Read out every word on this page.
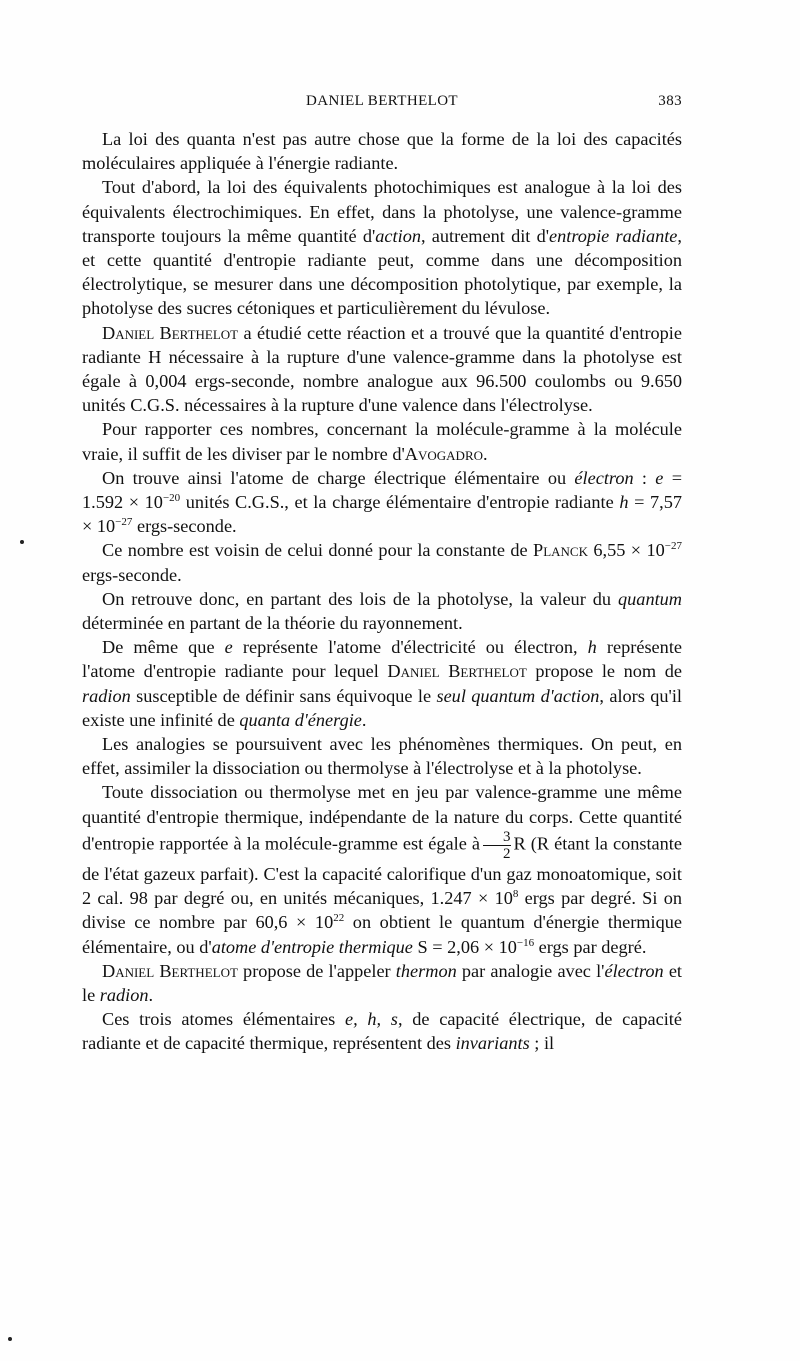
DANIEL BERTHELOT	383

La loi des quanta n'est pas autre chose que la forme de la loi des capacités moléculaires appliquée à l'énergie radiante.

Tout d'abord, la loi des équivalents photochimiques est analogue à la loi des équivalents électrochimiques. En effet, dans la photolyse, une valence-gramme transporte toujours la même quantité d'action, autrement dit d'entropie radiante, et cette quantité d'entropie radiante peut, comme dans une décomposition électrolytique, se mesurer dans une décomposition photolytique, par exemple, la photolyse des sucres cétoniques et particulièrement du lévulose.

Daniel Berthelot a étudié cette réaction et a trouvé que la quantité d'entropie radiante H nécessaire à la rupture d'une valence-gramme dans la photolyse est égale à 0,004 ergs-seconde, nombre analogue aux 96.500 coulombs ou 9.650 unités C.G.S. nécessaires à la rupture d'une valence dans l'électrolyse.

Pour rapporter ces nombres, concernant la molécule-gramme à la molécule vraie, il suffit de les diviser par le nombre d'Avogadro.

On trouve ainsi l'atome de charge électrique élémentaire ou électron : $e = 1.592 \times 10^{-20}$ unités C.G.S., et la charge élémentaire d'entropie radiante $h = 7,57 \times 10^{-27}$ ergs-seconde.

Ce nombre est voisin de celui donné pour la constante de Planck $6,55 \times 10^{-27}$ ergs-seconde.

On retrouve donc, en partant des lois de la photolyse, la valeur du quantum déterminée en partant de la théorie du rayonnement.

De même que e représente l'atome d'électricité ou électron, h représente l'atome d'entropie radiante pour lequel Daniel Berthelot propose le nom de radion susceptible de définir sans équivoque le seul quantum d'action, alors qu'il existe une infinité de quanta d'énergie.

Les analogies se poursuivent avec les phénomènes thermiques. On peut, en effet, assimiler la dissociation ou thermolyse à l'électrolyse et à la photolyse.

Toute dissociation ou thermolyse met en jeu par valence-gramme une même quantité d'entropie thermique, indépendante de la nature du corps. Cette quantité d'entropie rapportée à la molécule-gramme est égale à $\frac{3}{2}$ R (R étant la constante de l'état gazeux parfait). C'est la capacité calorifique d'un gaz monoatomique, soit 2 cal. 98 par degré ou, en unités mécaniques, $1.247 \times 10^8$ ergs par degré. Si on divise ce nombre par $60,6 \times 10^{22}$ on obtient le quantum d'énergie thermique élémentaire, ou d'atome d'entropie thermique $S = 2,06 \times 10^{-16}$ ergs par degré.

Daniel Berthelot propose de l'appeler thermon par analogie avec l'électron et le radion.

Ces trois atomes élémentaires e, h, s, de capacité électrique, de capacité radiante et de capacité thermique, représentent des invariants ; il
